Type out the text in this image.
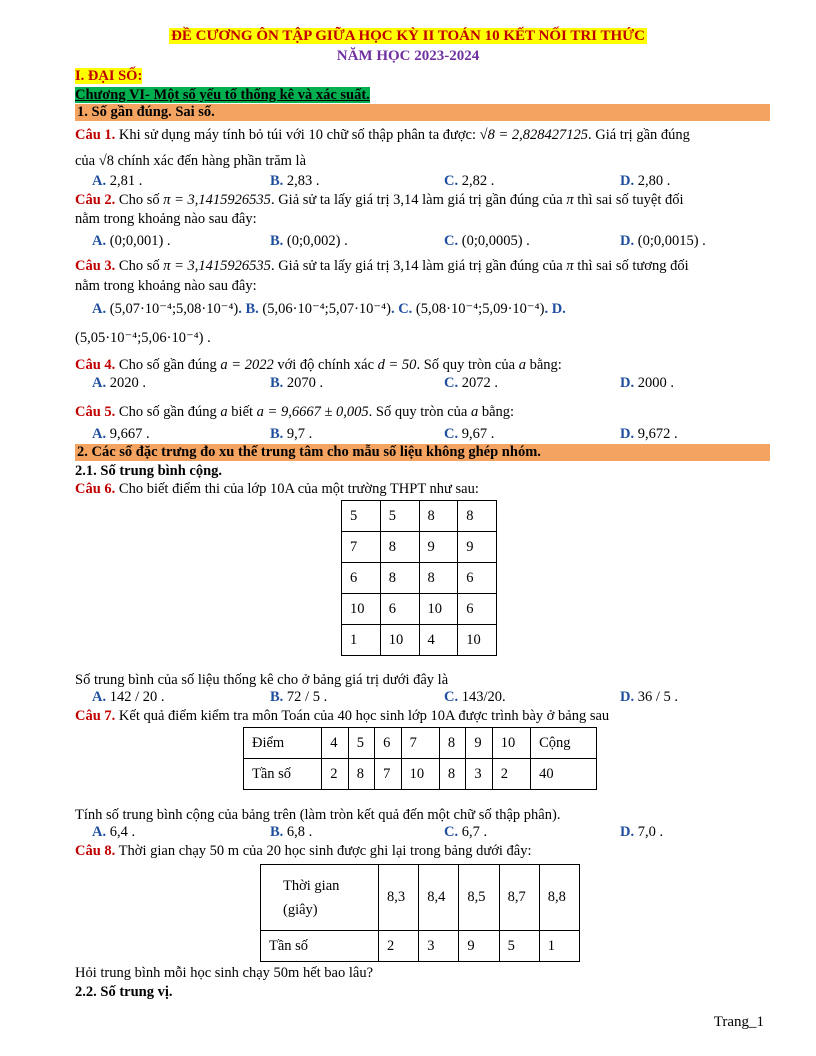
ĐỀ CƯƠNG ÔN TẬP GIỮA HỌC KỲ II TOÁN 10 KẾT NỐI TRI THỨC
NĂM HỌC 2023-2024
I. ĐẠI SỐ:
Chương VI- Một số yếu tố thống kê và xác suất.
1. Số gần đúng. Sai số.
Câu 1. Khi sử dụng máy tính bỏ túi với 10 chữ số thập phân ta được: √8 = 2,828427125. Giá trị gần đúng
của √8 chính xác đến hàng phần trăm là
A. 2,81 .	B. 2,83 .	C. 2,82 .	D. 2,80 .
Câu 2. Cho số π = 3,1415926535. Giả sử ta lấy giá trị 3,14 làm giá trị gần đúng của π thì sai số tuyệt đối
nằm trong khoảng nào sau đây:
A. (0;0,001) .	B. (0;0,002) .	C. (0;0,0005) .	D. (0;0,0015) .
Câu 3. Cho số π = 3,1415926535. Giả sử ta lấy giá trị 3,14 làm giá trị gần đúng của π thì sai số tương đối
nằm trong khoảng nào sau đây:
A. (5,07·10⁻⁴;5,08·10⁻⁴). B. (5,06·10⁻⁴;5,07·10⁻⁴). C. (5,08·10⁻⁴;5,09·10⁻⁴). D.
(5,05·10⁻⁴;5,06·10⁻⁴) .
Câu 4. Cho số gần đúng a = 2022 với độ chính xác d = 50. Số quy tròn của a bằng:
A. 2020 .	B. 2070 .	C. 2072 .	D. 2000 .
Câu 5. Cho số gần đúng a biết a = 9,6667 ± 0,005. Số quy tròn của a bằng:
A. 9,667 .	B. 9,7 .	C. 9,67 .	D. 9,672 .
2. Các số đặc trưng đo xu thế trung tâm cho mẫu số liệu không ghép nhóm.
2.1. Số trung bình cộng.
Câu 6. Cho biết điểm thi của lớp 10A của một trường THPT như sau:
5	5	8	8
7	8	9	9
6	8	8	6
10	6	10	6
1	10	4	10
Số trung bình của số liệu thống kê cho ở bảng giá trị dưới đây là
A. 142 / 20 .	B. 72 / 5 .	C. 143/20.	D. 36 / 5 .
Câu 7. Kết quả điểm kiểm tra môn Toán của 40 học sinh lớp 10A được trình bày ở bảng sau
Điểm	4	5	6	7	8	9	10	Cộng
Tần số	2	8	7	10	8	3	2	40
Tính số trung bình cộng của bảng trên (làm tròn kết quả đến một chữ số thập phân).
A. 6,4 .	B. 6,8 .	C. 6,7 .	D. 7,0 .
Câu 8. Thời gian chạy 50 m của 20 học sinh được ghi lại trong bảng dưới đây:
Thời gian
(giây)	8,3	8,4	8,5	8,7	8,8
Tần số	2	3	9	5	1
Hỏi trung bình mỗi học sinh chạy 50m hết bao lâu?
2.2. Số trung vị.
Trang_1
